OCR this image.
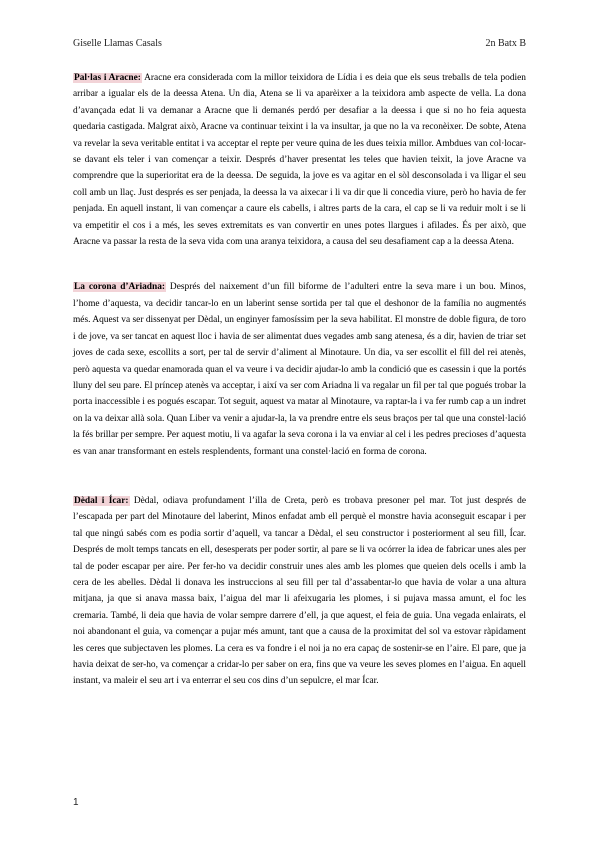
Giselle Llamas Casals	2n Batx B

Pal·las i Aracne: Aracne era considerada com la millor teixidora de Lídia i es deia que els seus treballs de tela podien arribar a igualar els de la deessa Atena. Un dia, Atena se li va aparèixer a la teixidora amb aspecte de vella. La dona d’avançada edat li va demanar a Aracne que li demanés perdó per desafiar a la deessa i que si no ho feia aquesta quedaria castigada. Malgrat això, Aracne va continuar teixint i la va insultar, ja que no la va reconèixer. De sobte, Atena va revelar la seva veritable entitat i va acceptar el repte per veure quina de les dues teixia millor. Ambdues van col·locar-se davant els teler i van començar a teixir. Després d’haver presentat les teles que havien teixit, la jove Aracne va comprendre que la superioritat era de la deessa. De seguida, la jove es va agitar en el sòl desconsolada i va lligar el seu coll amb un llaç. Just després es ser penjada, la deessa la va aixecar i li va dir que li concedia viure, però ho havia de fer penjada. En aquell instant, li van començar a caure els cabells, i altres parts de la cara, el cap se li va reduir molt i se li va empetitir el cos i a més, les seves extremitats es van convertir en unes potes llargues i afilades. És per això, que Aracne va passar la resta de la seva vida com una aranya teixidora, a causa del seu desafiament cap a la deessa Atena.

La corona d’Ariadna: Després del naixement d’un fill biforme de l’adulteri entre la seva mare i un bou. Minos, l’home d’aquesta, va decidir tancar-lo en un laberint sense sortida per tal que el deshonor de la família no augmentés més. Aquest va ser dissenyat per Dèdal, un enginyer famosíssim per la seva habilitat. El monstre de doble figura, de toro i de jove, va ser tancat en aquest lloc i havia de ser alimentat dues vegades amb sang atenesa, és a dir, havien de triar set joves de cada sexe, escollits a sort, per tal de servir d’aliment al Minotaure. Un dia, va ser escollit el fill del rei atenès, però aquesta va quedar enamorada quan el va veure i va decidir ajudar-lo amb la condició que es casessin i que la portés lluny del seu pare. El príncep atenès va acceptar, i així va ser com Ariadna li va regalar un fil per tal que pogués trobar la porta inaccessible i es pogués escapar. Tot seguit, aquest va matar al Minotaure, va raptar-la i va fer rumb cap a un indret on la va deixar allà sola. Quan Liber va venir a ajudar-la, la va prendre entre els seus braços per tal que una constel·lació la fés brillar per sempre. Per aquest motiu, li va agafar la seva corona i la va enviar al cel i les pedres precioses d’aquesta es van anar transformant en estels resplendents, formant una constel·lació en forma de corona.

Dèdal i Ícar: Dèdal, odiava profundament l’illa de Creta, però es trobava presoner pel mar. Tot just després de l’escapada per part del Minotaure del laberint, Minos enfadat amb ell perquè el monstre havia aconseguit escapar i per tal que ningú sabés com es podia sortir d’aquell, va tancar a Dèdal, el seu constructor i posteriorment al seu fill, Ícar. Després de molt temps tancats en ell, desesperats per poder sortir, al pare se li va ocórrer la idea de fabricar unes ales per tal de poder escapar per aire. Per fer-ho va decidir construir unes ales amb les plomes que queien dels ocells i amb la cera de les abelles. Dèdal li donava les instruccions al seu fill per tal d’assabentar-lo que havia de volar a una altura mitjana, ja que si anava massa baix, l’aigua del mar li afeixugaria les plomes, i si pujava massa amunt, el foc les cremaria. També, li deia que havia de volar sempre darrere d’ell, ja que aquest, el feia de guia. Una vegada enlairats, el noi abandonant el guia, va començar a pujar més amunt, tant que a causa de la proximitat del sol va estovar ràpidament les ceres que subjectaven les plomes. La cera es va fondre i el noi ja no era capaç de sostenir-se en l’aire. El pare, que ja havia deixat de ser-ho, va començar a cridar-lo per saber on era, fins que va veure les seves plomes en l’aigua. En aquell instant, va maleir el seu art i va enterrar el seu cos dins d’un sepulcre, el mar Ícar.

1
